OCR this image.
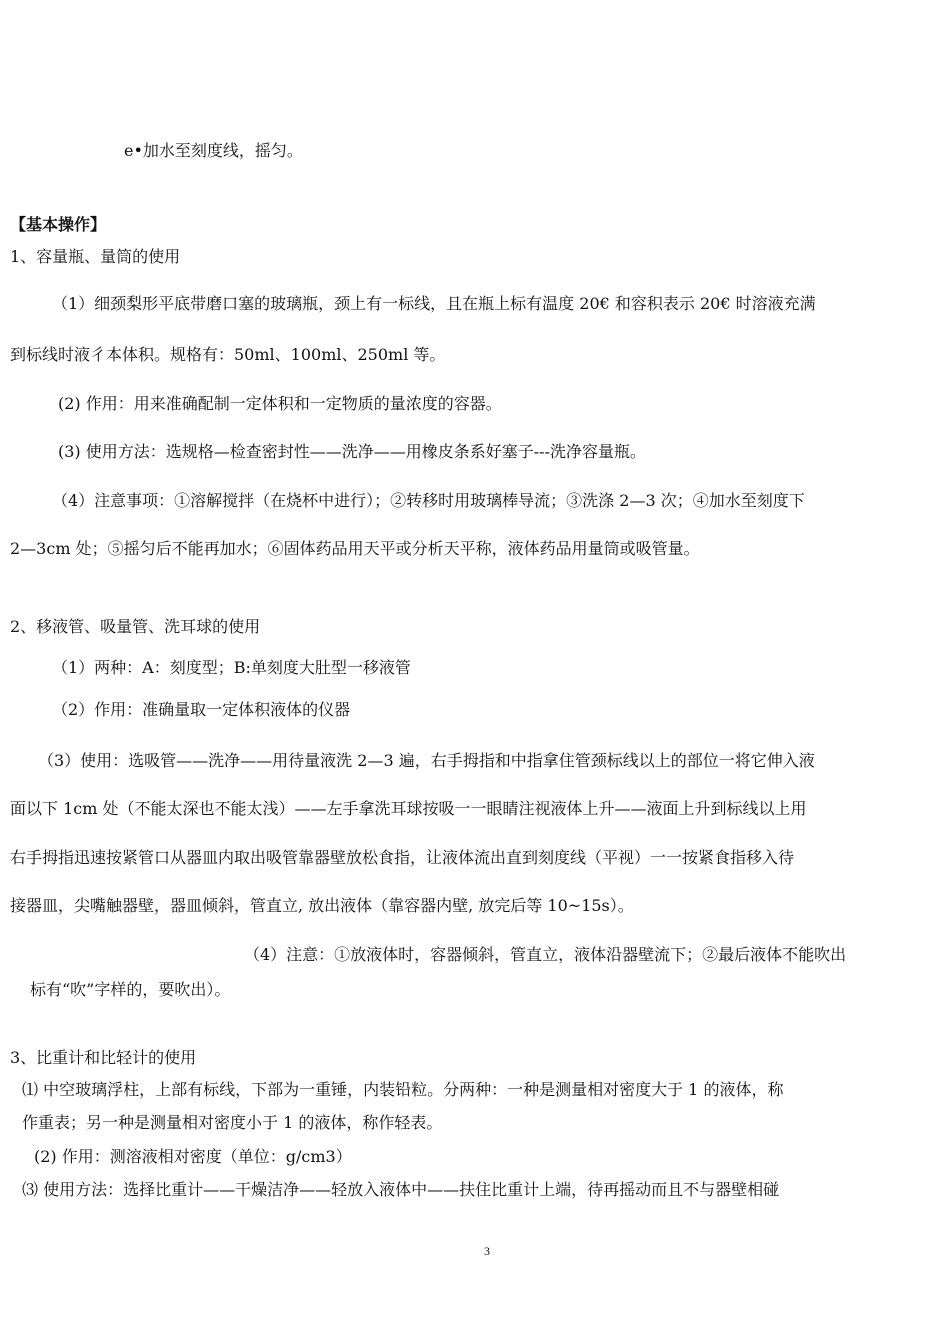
e•加水至刻度线，摇匀。
【基本操作】
1、容量瓶、量筒的使用
（1）细颈梨形平底带磨口塞的玻璃瓶，颈上有一标线，且在瓶上标有温度 20€ 和容积表示 20€ 时溶液充满
到标线时液彳本体积。规格有：50ml、100ml、250ml 等。
(2) 作用：用来准确配制一定体积和一定物质的量浓度的容器。
(3) 使用方法：选规格—检查密封性——洗净——用橡皮条系好塞子---洗净容量瓶。
（4）注意事项：①溶解搅拌（在烧杯中进行）；②转移时用玻璃棒导流；③洗涤 2—3 次；④加水至刻度下
2—3cm 处；⑤摇匀后不能再加水；⑥固体药品用天平或分析天平称，液体药品用量筒或吸管量。
2、移液管、吸量管、洗耳球的使用
（1）两种：A：刻度型；B:单刻度大肚型一移液管
（2）作用：准确量取一定体积液体的仪器
（3）使用：选吸管——洗净——用待量液洗 2—3 遍，右手拇指和中指拿住管颈标线以上的部位一将它伸入液
面以下 1cm 处（不能太深也不能太浅）——左手拿洗耳球按吸一一眼睛注视液体上升——液面上升到标线以上用
右手拇指迅速按紧管口从器皿内取出吸管靠器壁放松食指，让液体流出直到刻度线（平视）一一按紧食指移入待
接器皿，尖嘴触器壁，器皿倾斜，管直立, 放出液体（靠容器内壁, 放完后等 10~15s）。
（4）注意：①放液体时，容器倾斜，管直立，液体沿器壁流下；②最后液体不能吹出
标有“吹”字样的，要吹出）。
3、比重计和比轻计的使用
⑴ 中空玻璃浮柱，上部有标线，下部为一重锤，内装铅粒。分两种：一种是测量相对密度大于 1 的液体，称
作重表；另一种是测量相对密度小于 1 的液体，称作轻表。
(2) 作用：测溶液相对密度（单位：g/cm3）
⑶ 使用方法：选择比重计——干燥洁净——轻放入液体中——扶住比重计上端，待再摇动而且不与器壁相碰
3
